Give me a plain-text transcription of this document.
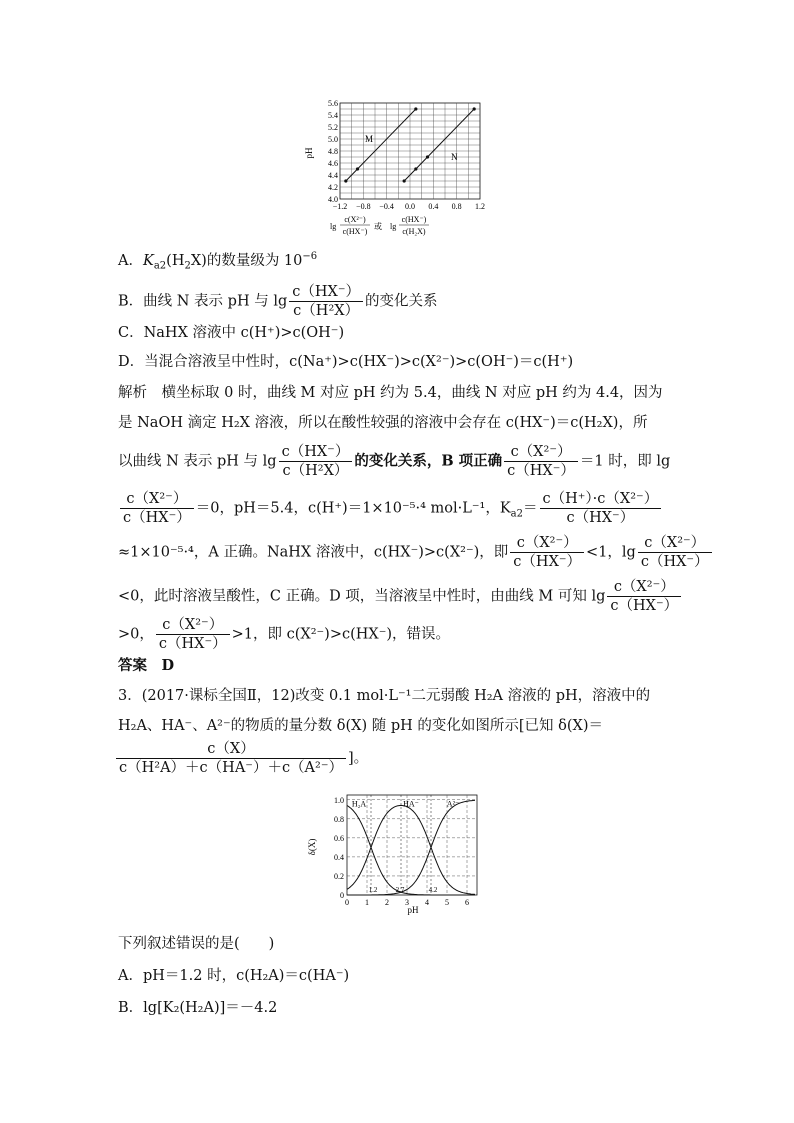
4.0
4.2
4.4
4.6
4.8
5.0
5.2
5.4
5.6
−1.2 −0.8 −0.4 0.0 0.4 0.8 1.2
M
N
pH
lg
c(X²⁻)
c(HX⁻)
或 lg
c(HX⁻)
c(H₂X)
A．$K_{a2}(H_2X)$的数量级为 $10^{-6}$
B．曲线 N 表示 pH 与 $\lg \frac{c(HX^-)}{\text{c（H²X）}}$ 的变化关系
C．NaHX 溶液中 c(H⁺)>c(OH⁻)
D．当混合溶液呈中性时，c(Na⁺)>c(HX⁻)>c(X²⁻)>c(OH⁻)＝c(H⁺)
解析　横坐标取 0 时，曲线 M 对应 pH 约为 5.4，曲线 N 对应 pH 约为 4.4，因为
是 NaOH 滴定 H₂X 溶液，所以在酸性较强的溶液中会存在 c(HX⁻)＝c(H₂X)，所
以曲线 N 表示 pH 与 $\lg \frac{c(HX^-)}{\text{c（H²X）}}$ 的变化关系，B 项正确 $\frac{\text{c（X²⁻）}}{c(HX^-)} =1$ 时，即 lg
$\frac{\text{c（X²⁻）}}{c(HX^-)} =0$，pH＝5.4，c(H⁺)＝1×10⁻⁵·⁴ mol·L⁻¹，$K_{a2}= \frac{\text{c（H⁺）·c（X²⁻）}}{c(HX^-)}$
≈1×10⁻⁵·⁴，A 正确。NaHX 溶液中，c(HX⁻)>c(X²⁻)，即 $\frac{\text{c（X²⁻）}}{c(HX^-)} <1$，$\lg \frac{\text{c（X²⁻）}}{c(HX^-)}$
<0，此时溶液呈酸性，C 正确。D 项，当溶液呈中性时，由曲线 M 可知 $\lg \frac{\text{c（X²⁻）}}{c(HX^-)}$
>0， $\frac{\text{c（X²⁻）}}{c(HX^-)} >1$，即 c(X²⁻)>c(HX⁻)，错误。
答案　D
3．(2017·课标全国Ⅱ，12)改变 0.1 mol·L⁻¹二元弱酸 H₂A 溶液的 pH，溶液中的
H₂A、HA⁻、A²⁻的物质的量分数 δ(X) 随 pH 的变化如图所示[已知 δ(X)＝
$\frac{c(X)}{\text{c（H²A）＋c（HA⁻）＋c（A²⁻）}}$ ]。
0
0.2
0.4
0.6
0.8
1.0
0 1 2 3 4 5 6
H₂A	HA⁻	A²⁻
1.2	2.7	4.2
δ(X)
pH
下列叙述错误的是(　　)
A．pH＝1.2 时，c(H₂A)＝c(HA⁻)
B．lg[K₂(H₂A)]＝－4.2
